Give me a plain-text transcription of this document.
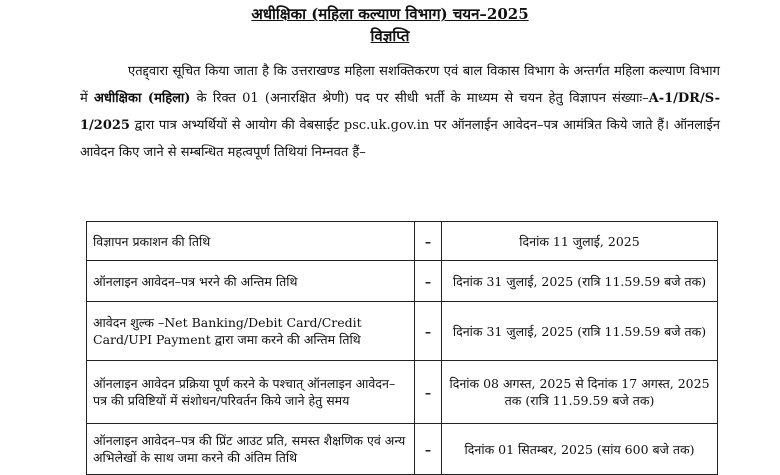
अधीक्षिका (महिला कल्याण विभाग) चयन–2025
विज्ञप्ति
एतद्द्वारा सूचित किया जाता है कि उत्तराखण्ड महिला सशक्तिकरण एवं बाल विकास विभाग के अन्तर्गत महिला कल्याण विभाग में अधीक्षिका (महिला) के रिक्त 01 (अनारक्षित श्रेणी) पद पर सीधी भर्ती के माध्यम से चयन हेतु विज्ञापन संख्याः–A-1/DR/S-1/2025 द्वारा पात्र अभ्यर्थियों से आयोग की वेबसाईट psc.uk.gov.in पर ऑनलाईन आवेदन–पत्र आमंत्रित किये जाते हैं। ऑनलाईन आवेदन किए जाने से सम्बन्धित महत्वपूर्ण तिथियां निम्नवत हैं–
विज्ञापन प्रकाशन की तिथि	–	दिनांक 11 जुलाई, 2025
ऑनलाइन आवेदन–पत्र भरने की अन्तिम तिथि	–	दिनांक 31 जुलाई, 2025 (रात्रि 11.59.59 बजे तक)
आवेदन शुल्क –Net Banking/Debit Card/Credit Card/UPI Payment द्वारा जमा करने की अन्तिम तिथि	–	दिनांक 31 जुलाई, 2025 (रात्रि 11.59.59 बजे तक)
ऑनलाइन आवेदन प्रक्रिया पूर्ण करने के पश्चात् ऑनलाइन आवेदन–पत्र की प्रविष्टियों में संशोधन/परिवर्तन किये जाने हेतु समय	–	दिनांक 08 अगस्त, 2025 से दिनांक 17 अगस्त, 2025 तक (रात्रि 11.59.59 बजे तक)
ऑनलाइन आवेदन–पत्र की प्रिंट आउट प्रति, समस्त शैक्षणिक एवं अन्य अभिलेखों के साथ जमा करने की अंतिम तिथि	–	दिनांक 01 सितम्बर, 2025 (सांय 600 बजे तक)
